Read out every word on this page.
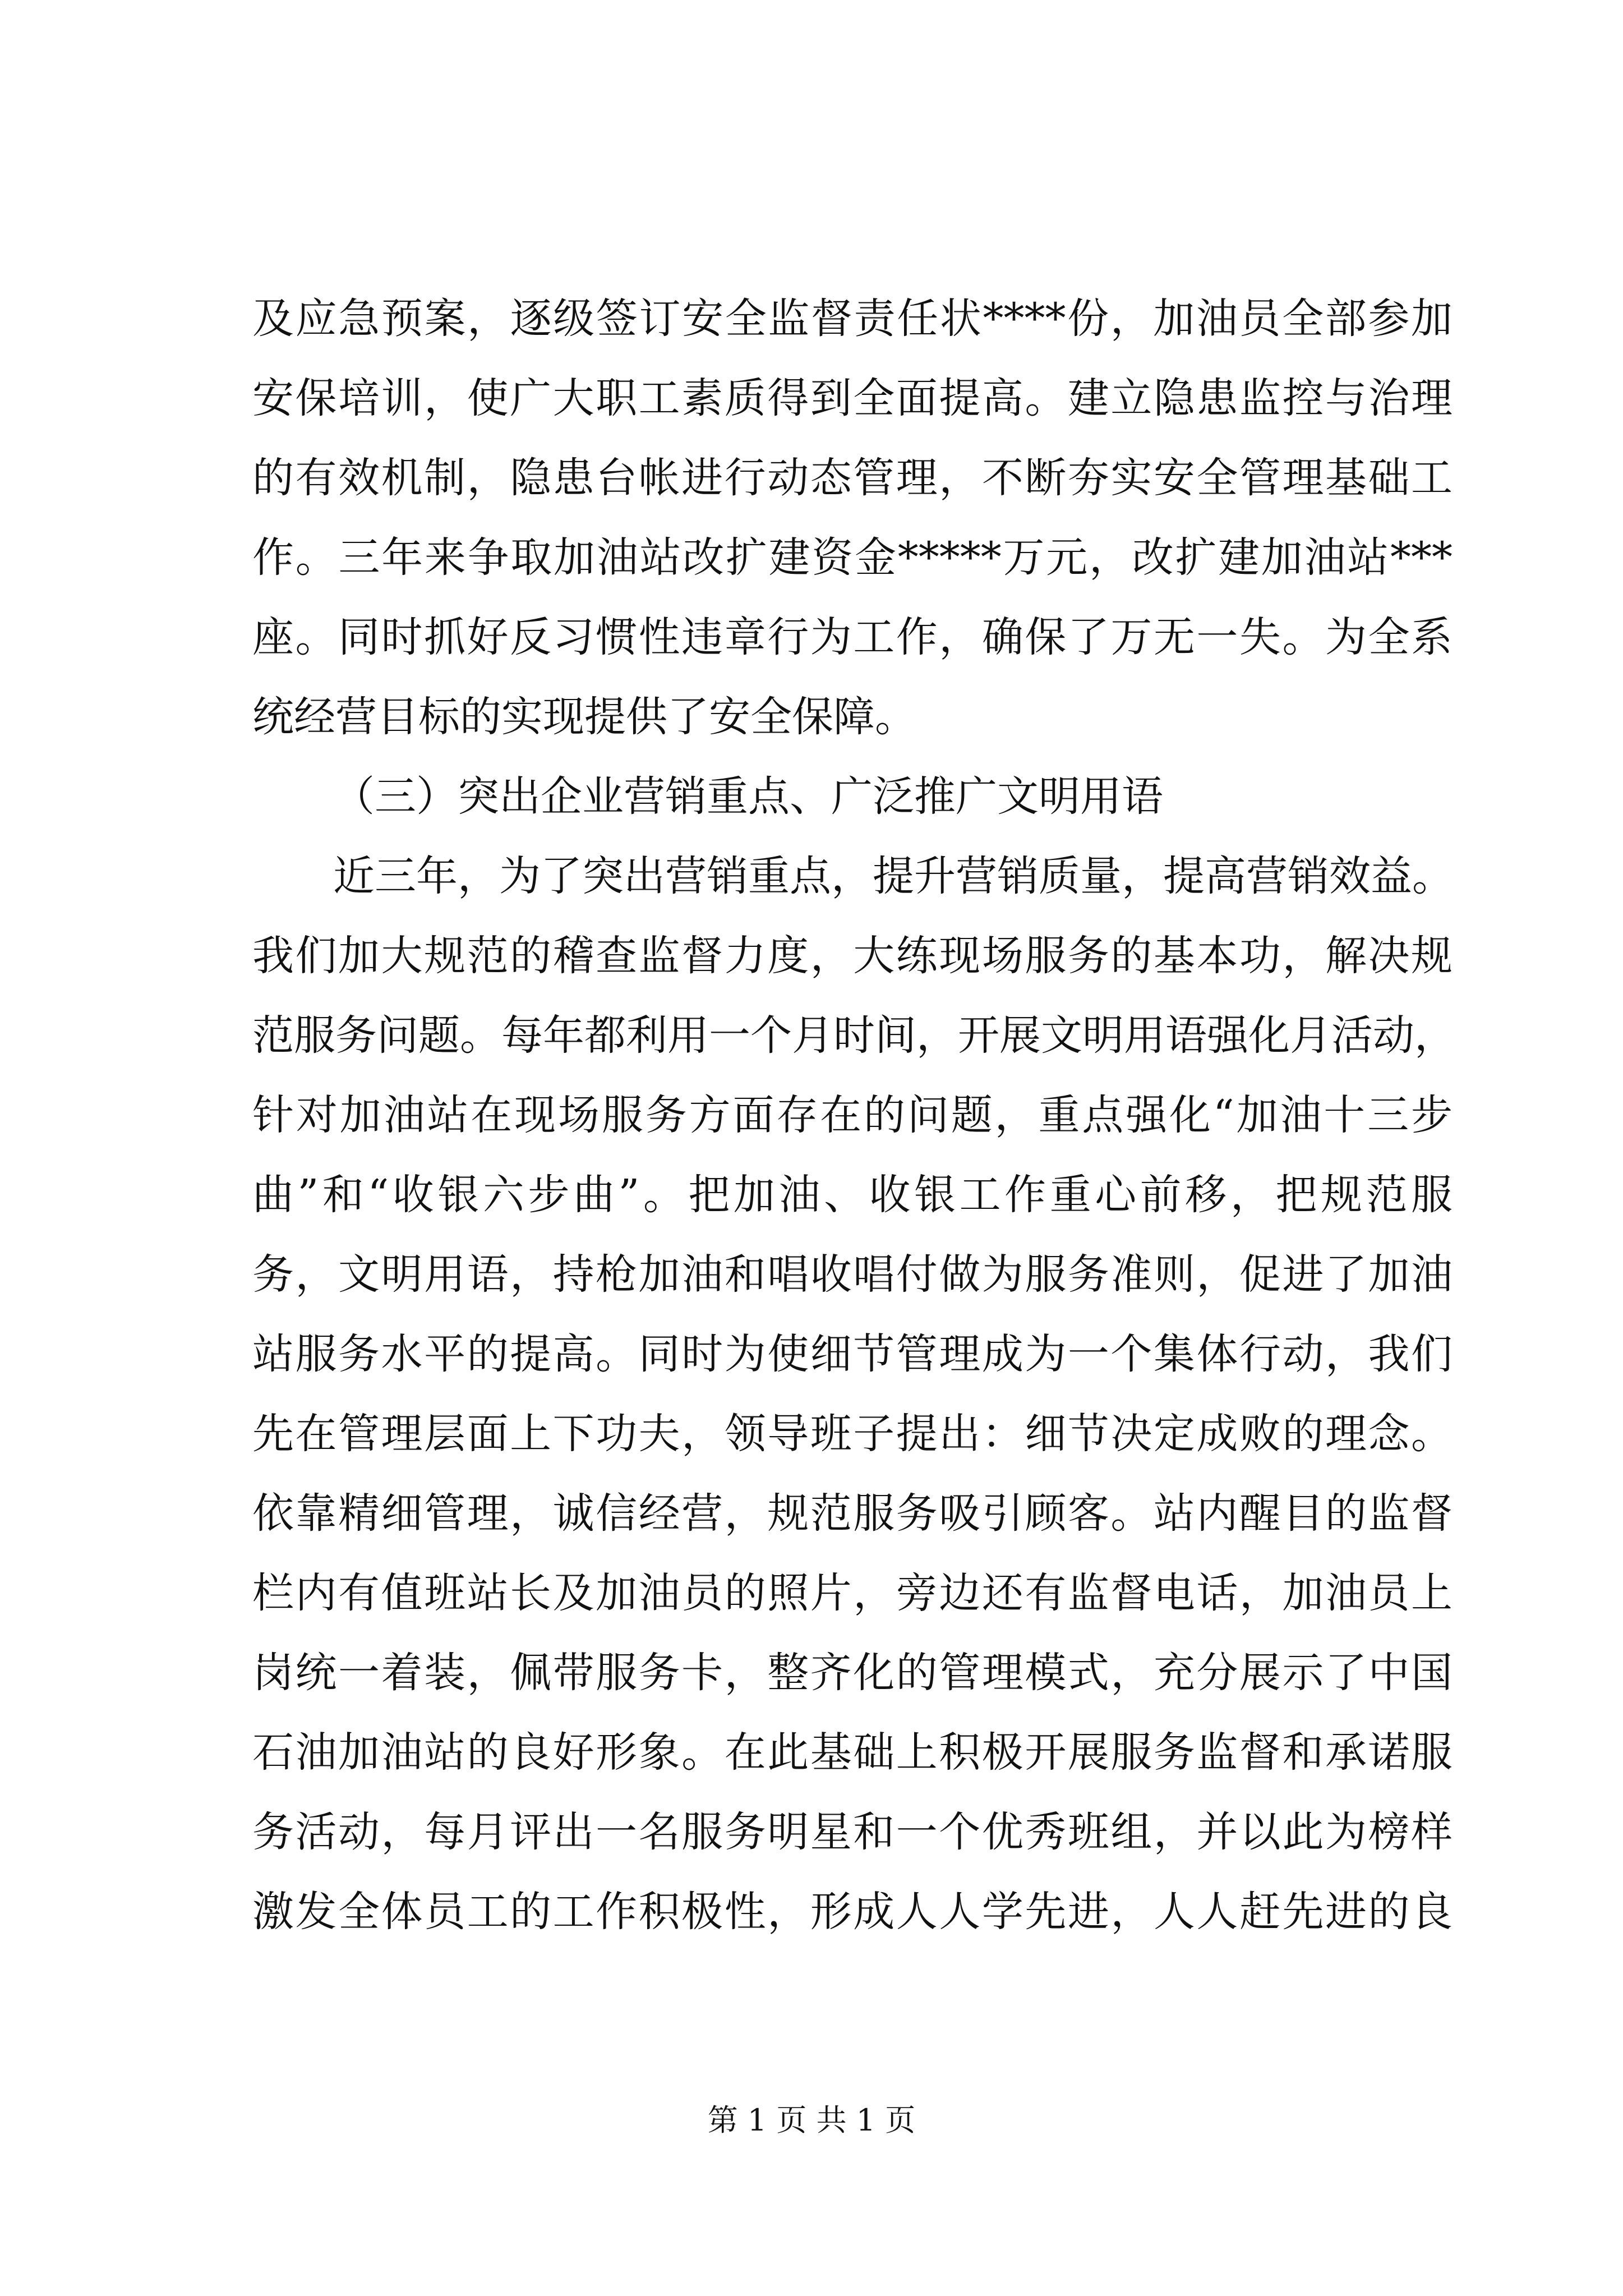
及应急预案，逐级签订安全监督责任状****份，加油员全部参加
安保培训，使广大职工素质得到全面提高。建立隐患监控与治理
的有效机制，隐患台帐进行动态管理，不断夯实安全管理基础工
作。三年来争取加油站改扩建资金*****万元，改扩建加油站***
座。同时抓好反习惯性违章行为工作，确保了万无一失。为全系
统经营目标的实现提供了安全保障。
（三）突出企业营销重点、广泛推广文明用语
近三年，为了突出营销重点，提升营销质量，提高营销效益。
我们加大规范的稽查监督力度，大练现场服务的基本功，解决规
范服务问题。每年都利用一个月时间，开展文明用语强化月活动，
针对加油站在现场服务方面存在的问题，重点强化“加油十三步
曲”和“收银六步曲”。把加油、收银工作重心前移，把规范服
务，文明用语，持枪加油和唱收唱付做为服务准则，促进了加油
站服务水平的提高。同时为使细节管理成为一个集体行动，我们
先在管理层面上下功夫，领导班子提出：细节决定成败的理念。
依靠精细管理，诚信经营，规范服务吸引顾客。站内醒目的监督
栏内有值班站长及加油员的照片，旁边还有监督电话，加油员上
岗统一着装，佩带服务卡，整齐化的管理模式，充分展示了中国
石油加油站的良好形象。在此基础上积极开展服务监督和承诺服
务活动，每月评出一名服务明星和一个优秀班组，并以此为榜样
激发全体员工的工作积极性，形成人人学先进，人人赶先进的良
第 1 页 共 1 页
